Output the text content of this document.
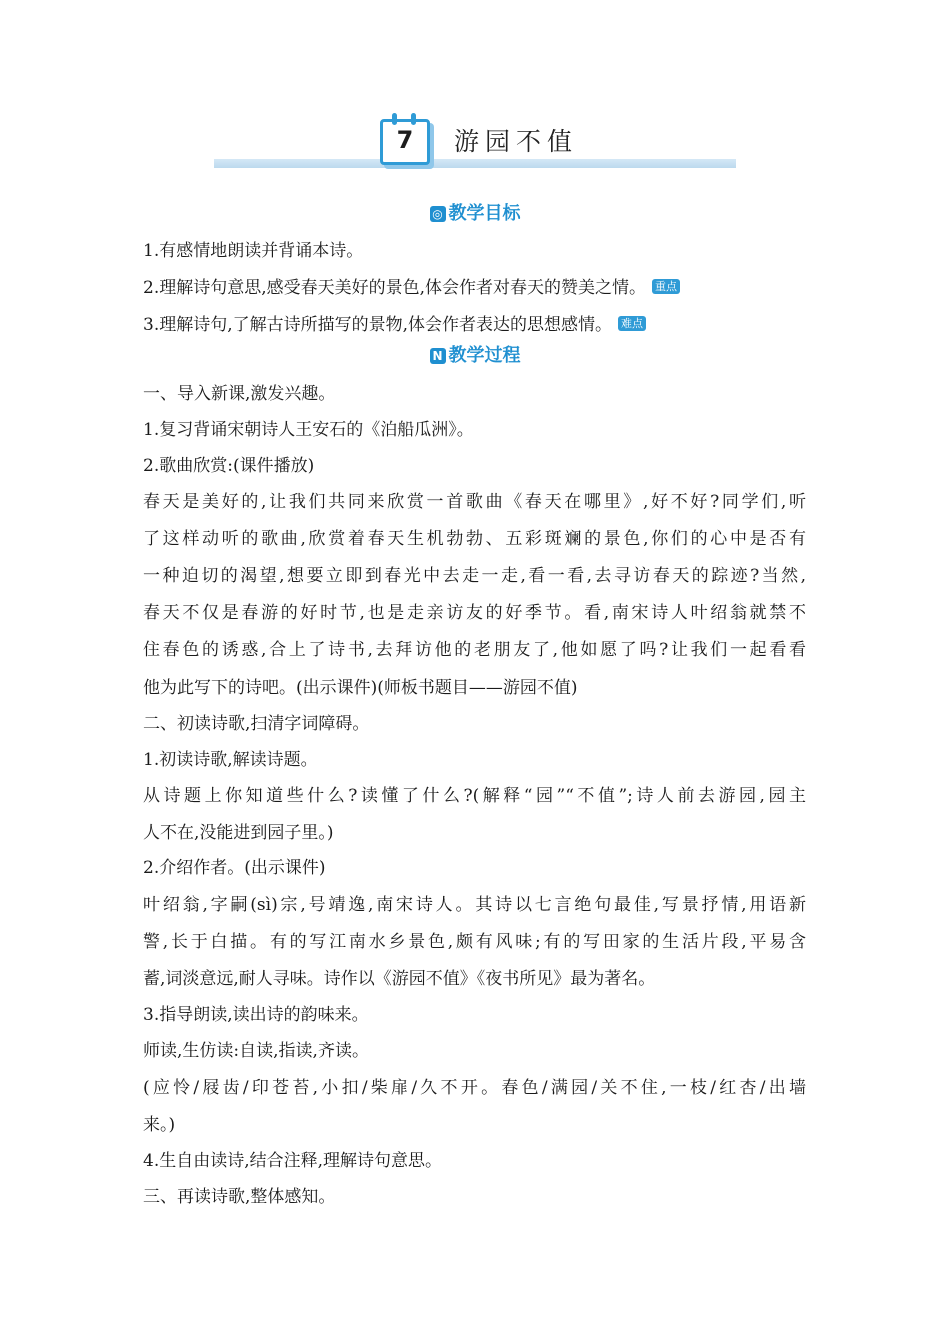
7	游园不值
◎ 教学目标
1.有感情地朗读并背诵本诗。
2.理解诗句意思,感受春天美好的景色,体会作者对春天的赞美之情。 重点
3.理解诗句,了解古诗所描写的景物,体会作者表达的思想感情。 难点
N 教学过程
一、导入新课,激发兴趣。
1.复习背诵宋朝诗人王安石的《泊船瓜洲》。
2.歌曲欣赏:(课件播放)
春天是美好的,让我们共同来欣赏一首歌曲《春天在哪里》,好不好?同学们,听
了这样动听的歌曲,欣赏着春天生机勃勃、五彩斑斓的景色,你们的心中是否有
一种迫切的渴望,想要立即到春光中去走一走,看一看,去寻访春天的踪迹?当然,
春天不仅是春游的好时节,也是走亲访友的好季节。看,南宋诗人叶绍翁就禁不
住春色的诱惑,合上了诗书,去拜访他的老朋友了,他如愿了吗?让我们一起看看
他为此写下的诗吧。(出示课件)(师板书题目——游园不值)
二、初读诗歌,扫清字词障碍。
1.初读诗歌,解读诗题。
从诗题上你知道些什么?读懂了什么?(解释“园”“不值”;诗人前去游园,园主
人不在,没能进到园子里。)
2.介绍作者。(出示课件)
叶绍翁,字嗣(sì)宗,号靖逸,南宋诗人。其诗以七言绝句最佳,写景抒情,用语新
警,长于白描。有的写江南水乡景色,颇有风味;有的写田家的生活片段,平易含
蓄,词淡意远,耐人寻味。诗作以《游园不值》《夜书所见》最为著名。
3.指导朗读,读出诗的韵味来。
师读,生仿读:自读,指读,齐读。
(应怜/屐齿/印苍苔,小扣/柴扉/久不开。春色/满园/关不住,一枝/红杏/出墙
来。)
4.生自由读诗,结合注释,理解诗句意思。
三、再读诗歌,整体感知。
